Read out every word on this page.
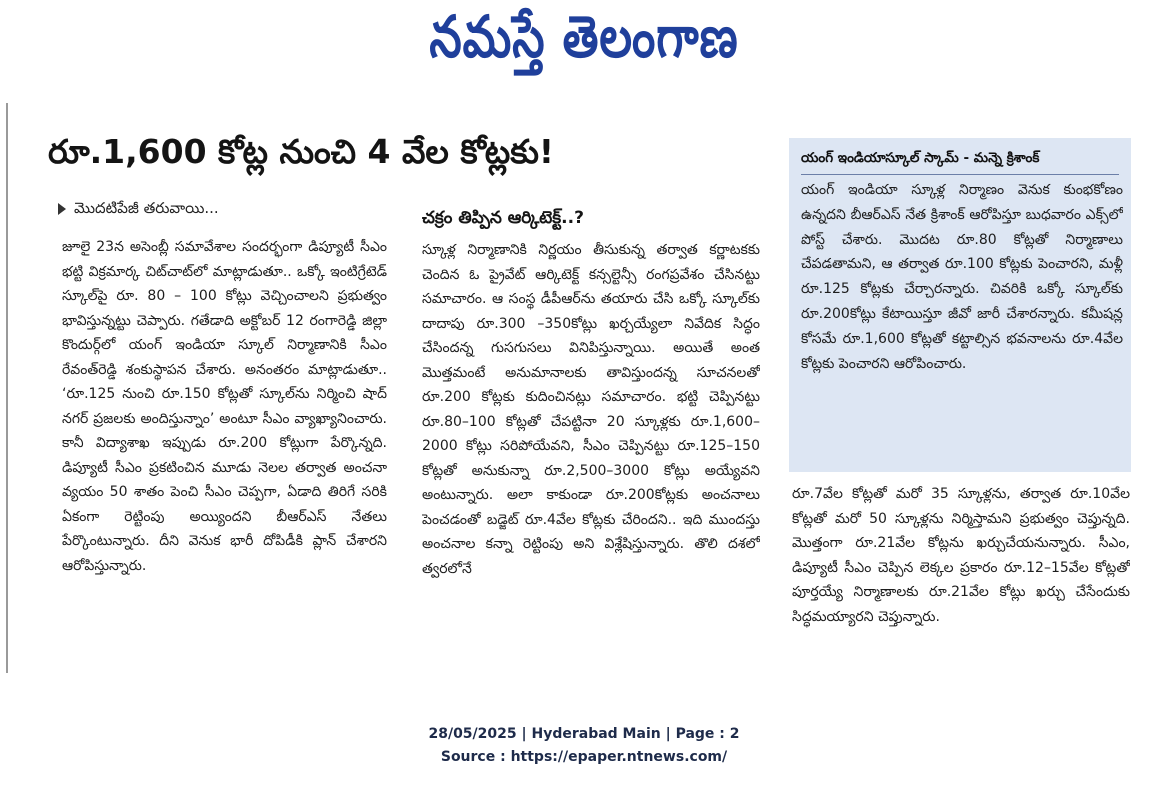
నమస్తే తెలంగాణ
రూ.1,600 కోట్ల నుంచి 4 వేల కోట్లకు!
మొదటిపేజీ తరువాయి...
జూలై 23న అసెంబ్లీ సమావేశాల సందర్భంగా డిప్యూటీ సీఎం భట్టి విక్రమార్క చిట్‌చాట్‌లో మాట్లాడుతూ.. ఒక్కో ఇంటిగ్రేటెడ్ స్కూల్‌పై రూ. 80 – 100 కోట్లు వెచ్చించాలని ప్రభుత్వం భావిస్తున్నట్టు చెప్పారు. గతేడాది అక్టోబర్ 12 రంగారెడ్డి జిల్లా కొందుర్గ్‌లో యంగ్ ఇండియా స్కూల్ నిర్మాణానికి సీఎం రేవంత్‌రెడ్డి శంకుస్థాపన చేశారు. అనంతరం మాట్లాడుతూ.. ‘రూ.125 నుంచి రూ.150 కోట్లతో స్కూల్‌ను నిర్మించి షాద్ నగర్ ప్రజలకు అందిస్తున్నాం’ అంటూ సీఎం వ్యాఖ్యానించారు. కానీ విద్యాశాఖ ఇప్పుడు రూ.200 కోట్లుగా పేర్కొన్నది. డిప్యూటీ సీఎం ప్రకటించిన మూడు నెలల తర్వాత అంచనా వ్యయం 50 శాతం పెంచి సీఎం చెప్పగా, ఏడాది తిరిగే సరికి ఏకంగా రెట్టింపు అయ్యిందని బీఆర్‌ఎస్ నేతలు పేర్కొంటున్నారు. దీని వెనుక భారీ దోపిడీకి ప్లాన్ చేశారని ఆరోపిస్తున్నారు.
చక్రం తిప్పిన ఆర్కిటెక్ట్..?
స్కూళ్ల నిర్మాణానికి నిర్ణయం తీసుకున్న తర్వాత కర్ణాటకకు చెందిన ఓ ప్రైవేట్ ఆర్కిటెక్ట్ కన్సల్టెన్సీ రంగప్రవేశం చేసినట్టు సమాచారం. ఆ సంస్థ డీపీఆర్‌ను తయారు చేసి ఒక్కో స్కూల్‌కు దాదాపు రూ.300 –350కోట్లు ఖర్చయ్యేలా నివేదిక సిద్ధం చేసిందన్న గుసగుసలు వినిపిస్తున్నాయి. అయితే అంత మొత్తమంటే అనుమానాలకు తావిస్తుందన్న సూచనలతో రూ.200 కోట్లకు కుదించినట్లు సమాచారం. భట్టి చెప్పినట్టు రూ.80–100 కోట్లతో చేపట్టినా 20 స్కూళ్లకు రూ.1,600–2000 కోట్లు సరిపోయేవని, సీఎం చెప్పినట్టు రూ.125–150 కోట్లతో అనుకున్నా రూ.2,500–3000 కోట్లు అయ్యేవని అంటున్నారు. అలా కాకుండా రూ.200కోట్లకు అంచనాలు పెంచడంతో బడ్జెట్ రూ.4వేల కోట్లకు చేరిందని.. ఇది ముందస్తు అంచనాల కన్నా రెట్టింపు అని విశ్లేషిస్తున్నారు. తొలి దశలో త్వరలోనే
యంగ్ ఇండియాస్కూల్ స్కామ్ - మన్నె క్రిశాంక్
యంగ్ ఇండియా స్కూళ్ల నిర్మాణం వెనుక కుంభకోణం ఉన్నదని బీఆర్‌ఎస్ నేత క్రిశాంక్ ఆరోపిస్తూ బుధవారం ఎక్స్‌లో పోస్ట్ చేశారు. మొదట రూ.80 కోట్లతో నిర్మాణాలు చేపడతామని, ఆ తర్వాత రూ.100 కోట్లకు పెంచారని, మళ్లీ రూ.125 కోట్లకు చేర్చారన్నారు. చివరికి ఒక్కో స్కూల్‌కు రూ.200కోట్లు కేటాయిస్తూ జీవో జారీ చేశారన్నారు. కమీషన్ల కోసమే రూ.1,600 కోట్లతో కట్టాల్సిన భవనాలను రూ.4వేల కోట్లకు పెంచారని ఆరోపించారు.
రూ.7వేల కోట్లతో మరో 35 స్కూళ్లను, తర్వాత రూ.10వేల కోట్లతో మరో 50 స్కూళ్లను నిర్మిస్తామని ప్రభుత్వం చెప్తున్నది. మొత్తంగా రూ.21వేల కోట్లను ఖర్చుచేయనున్నారు. సీఎం, డిప్యూటీ సీఎం చెప్పిన లెక్కల ప్రకారం రూ.12–15వేల కోట్లతో పూర్తయ్యే నిర్మాణాలకు రూ.21వేల కోట్లు ఖర్చు చేసేందుకు సిద్ధమయ్యారని చెప్తున్నారు.
28/05/2025 | Hyderabad Main | Page : 2
Source : https://epaper.ntnews.com/
